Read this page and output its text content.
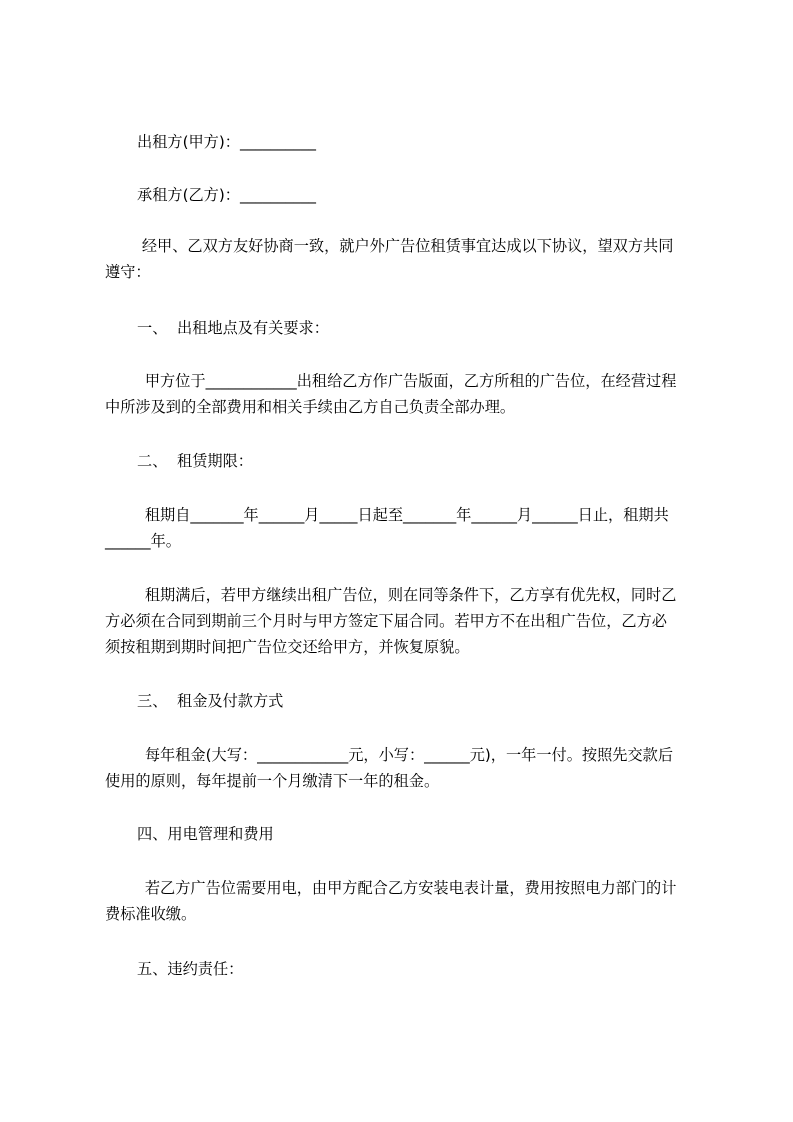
出租方(甲方)：__________
承租方(乙方)：__________
经甲、乙双方友好协商一致，就户外广告位租赁事宜达成以下协议，望双方共同
遵守：
一、  出租地点及有关要求：
甲方位于____________出租给乙方作广告版面，乙方所租的广告位，在经营过程
中所涉及到的全部费用和相关手续由乙方自己负责全部办理。
二、  租赁期限：
租期自_______年______月_____日起至_______年______月______日止，租期共
______年。
租期满后，若甲方继续出租广告位，则在同等条件下，乙方享有优先权，同时乙
方必须在合同到期前三个月时与甲方签定下届合同。若甲方不在出租广告位，乙方必
须按租期到期时间把广告位交还给甲方，并恢复原貌。
三、  租金及付款方式
每年租金(大写：____________元，小写：______元)，一年一付。按照先交款后
使用的原则，每年提前一个月缴清下一年的租金。
四、用电管理和费用
若乙方广告位需要用电，由甲方配合乙方安装电表计量，费用按照电力部门的计
费标准收缴。
五、违约责任：
